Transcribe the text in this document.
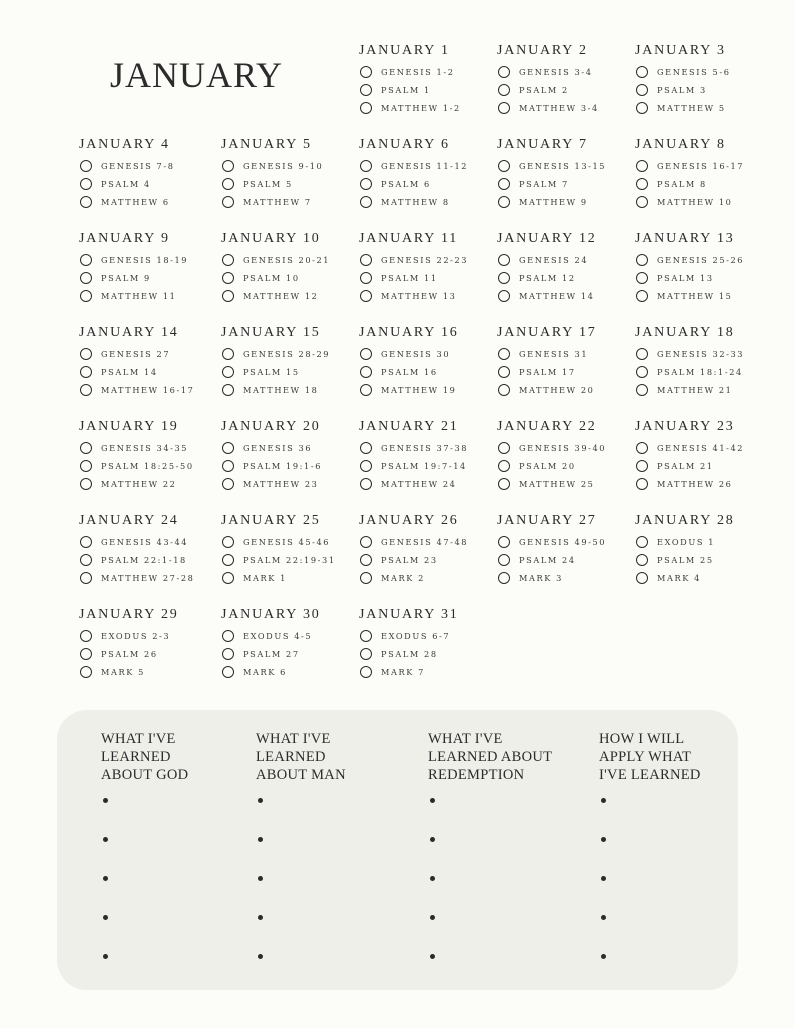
JANUARY
JANUARY 1
GENESIS 1-2
PSALM 1
MATTHEW 1-2
JANUARY 2
GENESIS 3-4
PSALM 2
MATTHEW 3-4
JANUARY 3
GENESIS 5-6
PSALM 3
MATTHEW 5
JANUARY 4
GENESIS 7-8
PSALM 4
MATTHEW 6
JANUARY 5
GENESIS 9-10
PSALM 5
MATTHEW 7
JANUARY 6
GENESIS 11-12
PSALM 6
MATTHEW 8
JANUARY 7
GENESIS 13-15
PSALM 7
MATTHEW 9
JANUARY 8
GENESIS 16-17
PSALM 8
MATTHEW 10
JANUARY 9
GENESIS 18-19
PSALM 9
MATTHEW 11
JANUARY 10
GENESIS 20-21
PSALM 10
MATTHEW 12
JANUARY 11
GENESIS 22-23
PSALM 11
MATTHEW 13
JANUARY 12
GENESIS 24
PSALM 12
MATTHEW 14
JANUARY 13
GENESIS 25-26
PSALM 13
MATTHEW 15
JANUARY 14
GENESIS 27
PSALM 14
MATTHEW 16-17
JANUARY 15
GENESIS 28-29
PSALM 15
MATTHEW 18
JANUARY 16
GENESIS 30
PSALM 16
MATTHEW 19
JANUARY 17
GENESIS 31
PSALM 17
MATTHEW 20
JANUARY 18
GENESIS 32-33
PSALM 18:1-24
MATTHEW 21
JANUARY 19
GENESIS 34-35
PSALM 18:25-50
MATTHEW 22
JANUARY 20
GENESIS 36
PSALM 19:1-6
MATTHEW 23
JANUARY 21
GENESIS 37-38
PSALM 19:7-14
MATTHEW 24
JANUARY 22
GENESIS 39-40
PSALM 20
MATTHEW 25
JANUARY 23
GENESIS 41-42
PSALM 21
MATTHEW 26
JANUARY 24
GENESIS 43-44
PSALM 22:1-18
MATTHEW 27-28
JANUARY 25
GENESIS 45-46
PSALM 22:19-31
MARK 1
JANUARY 26
GENESIS 47-48
PSALM 23
MARK 2
JANUARY 27
GENESIS 49-50
PSALM 24
MARK 3
JANUARY 28
EXODUS 1
PSALM 25
MARK 4
JANUARY 29
EXODUS 2-3
PSALM 26
MARK 5
JANUARY 30
EXODUS 4-5
PSALM 27
MARK 6
JANUARY 31
EXODUS 6-7
PSALM 28
MARK 7
WHAT I'VE
LEARNED
ABOUT GOD
WHAT I'VE
LEARNED
ABOUT MAN
WHAT I'VE
LEARNED ABOUT
REDEMPTION
HOW I WILL
APPLY WHAT
I'VE LEARNED
